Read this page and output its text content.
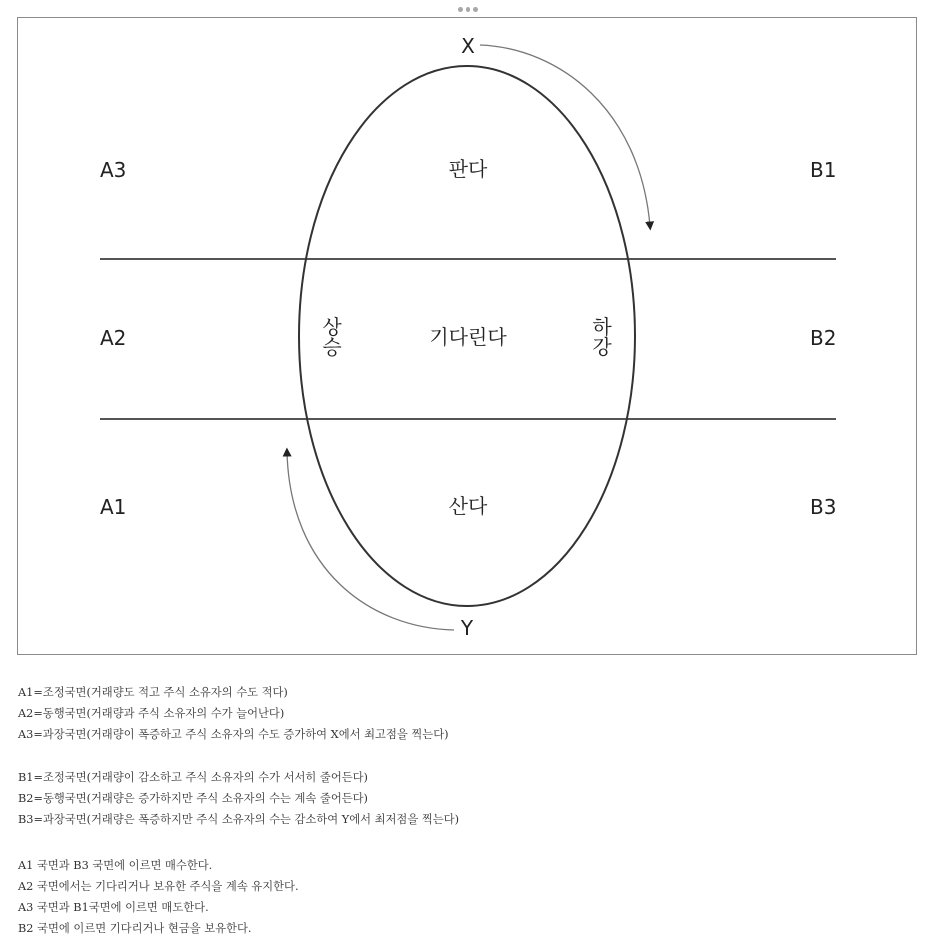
X
Y
A3
A2
A1
B1
B2
B3
판다
기다린다
산다
상
승
하
강
A1=조정국면(거래량도 적고 주식 소유자의 수도 적다)
A2=동행국면(거래량과 주식 소유자의 수가 늘어난다)
A3=과장국면(거래량이 폭증하고 주식 소유자의 수도 증가하여 X에서 최고점을 찍는다)
B1=조정국면(거래량이 감소하고 주식 소유자의 수가 서서히 줄어든다)
B2=동행국면(거래량은 증가하지만 주식 소유자의 수는 계속 줄어든다)
B3=과장국면(거래량은 폭증하지만 주식 소유자의 수는 감소하여 Y에서 최저점을 찍는다)
A1 국면과 B3 국면에 이르면 매수한다.
A2 국면에서는 기다리거나 보유한 주식을 계속 유지한다.
A3 국면과 B1국면에 이르면 매도한다.
B2 국면에 이르면 기다리거나 현금을 보유한다.
